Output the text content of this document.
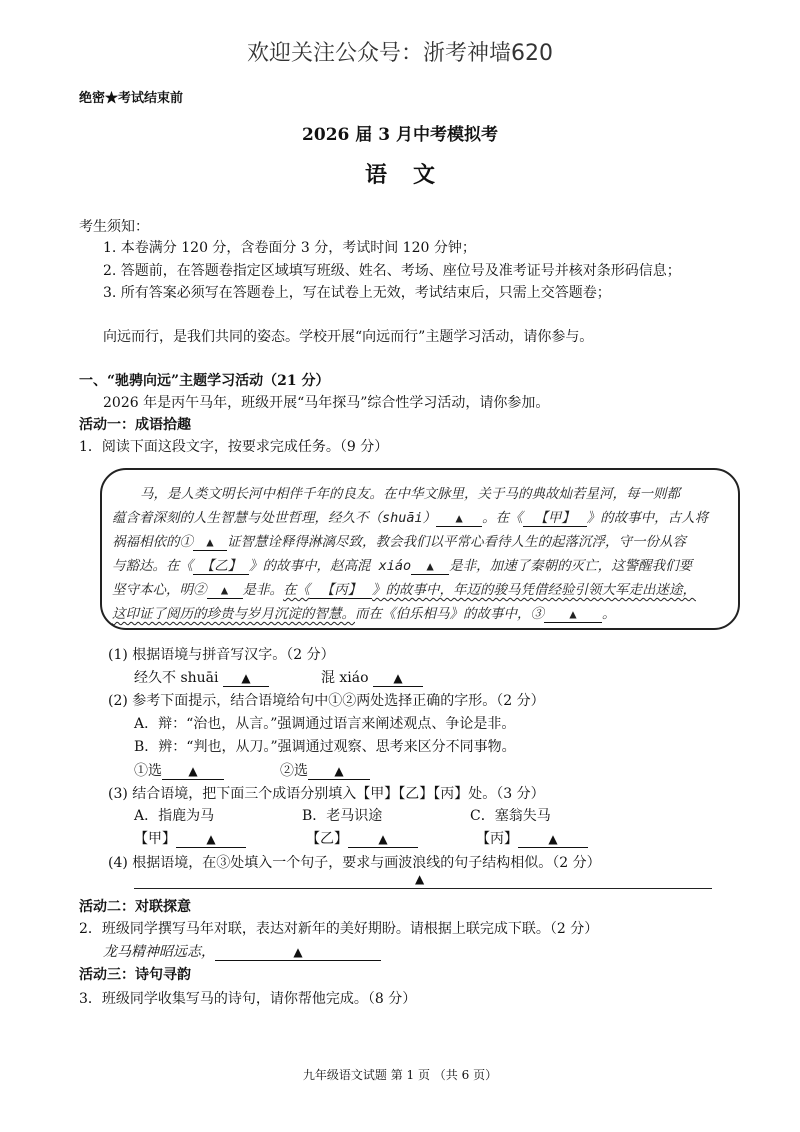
欢迎关注公众号：浙考神墙620
绝密★考试结束前
2026 届 3 月中考模拟考
语文
考生须知：
1. 本卷满分 120 分，含卷面分 3 分，考试时间 120 分钟；
2. 答题前，在答题卷指定区域填写班级、姓名、考场、座位号及准考证号并核对条形码信息；
3. 所有答案必须写在答题卷上，写在试卷上无效，考试结束后，只需上交答题卷；
向远而行，是我们共同的姿态。学校开展“向远而行”主题学习活动，请你参与。
一、“驰骋向远”主题学习活动（21 分）
2026 年是丙午马年，班级开展“马年探马”综合性学习活动，请你参加。
活动一：成语拾趣
1．阅读下面这段文字，按要求完成任务。（9 分）
马，是人类文明长河中相伴千年的良友。在中华文脉里，关于马的典故灿若星河，每一则都
蕴含着深刻的人生智慧与处世哲理，经久不（shuāi） ▲ 。在《 【甲】 》的故事中，古人将
祸福相依的① ▲ 证智慧诠释得淋漓尽致，教会我们以平常心看待人生的起落沉浮，守一份从容
与豁达。在《 【乙】 》的故事中，赵高混 xiáo ▲ 是非，加速了秦朝的灭亡，这警醒我们要
坚守本心，明② ▲ 是非。在《 【丙】 》的故事中，年迈的骏马凭借经验引领大军走出迷途，
这印证了阅历的珍贵与岁月沉淀的智慧。而在《伯乐相马》的故事中，③ ▲ 。
(1) 根据语境与拼音写汉字。（2 分）
经久不 shuāi ▲	混 xiáo ▲
(2) 参考下面提示，结合语境给句中①②两处选择正确的字形。（2 分）
A．辩：“治也，从言。”强调通过语言来阐述观点、争论是非。
B．辨：“判也，从刀。”强调通过观察、思考来区分不同事物。
①选 ▲	②选 ▲
(3) 结合语境，把下面三个成语分别填入【甲】【乙】【丙】处。（3 分）
A．指鹿为马	B．老马识途	C．塞翁失马
【甲】	▲	【乙】	▲	【丙】	▲
(4) 根据语境，在③处填入一个句子，要求与画波浪线的句子结构相似。（2 分）
▲
活动二：对联探意
2．班级同学撰写马年对联，表达对新年的美好期盼。请根据上联完成下联。（2 分）
龙马精神昭远志，	▲
活动三：诗句寻韵
3．班级同学收集写马的诗句，请你帮他完成。（8 分）
九年级语文试题 第 1 页 （共 6 页）
